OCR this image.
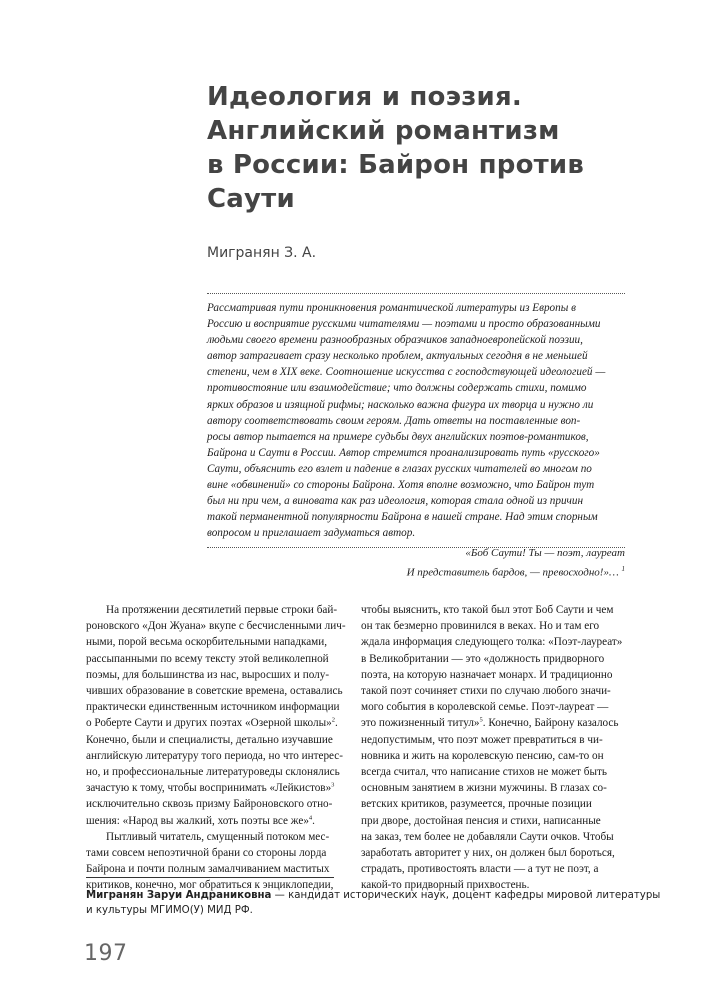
Идеология и поэзия.
Английский романтизм
в России: Байрон против
Саути
Мигранян З. А.
Рассматривая пути проникновения романтической литературы из Европы в
Россию и восприятие русскими читателями — поэтами и просто образованными
людьми своего времени разнообразных образчиков западноевропейской поэзии,
автор затрагивает сразу несколько проблем, актуальных сегодня в не меньшей
степени, чем в XIX веке. Соотношение искусства с господствующей идеологией —
противостояние или взаимодействие; что должны содержать стихи, помимо
ярких образов и изящной рифмы; насколько важна фигура их творца и нужно ли
автору соответствовать своим героям. Дать ответы на поставленные воп-
росы автор пытается на примере судьбы двух английских поэтов-романтиков,
Байрона и Саути в России. Автор стремится проанализировать путь «русского»
Саути, объяснить его взлет и падение в глазах русских читателей во многом по
вине «обвинений» со стороны Байрона. Хотя вполне возможно, что Байрон тут
был ни при чем, а виновата как раз идеология, которая стала одной из причин
такой перманентной популярности Байрона в нашей стране. Над этим спорным
вопросом и приглашает задуматься автор.
«Боб Саути! Ты — поэт, лауреат
И представитель бардов, — превосходно!»… $^1$
На протяжении десятилетий первые строки бай-
роновского «Дон Жуана» вкупе с бесчисленными лич-
ными, порой весьма оскорбительными нападками,
рассыпанными по всему тексту этой великолепной
поэмы, для большинства из нас, выросших и полу-
чивших образование в советские времена, оставались
практически единственным источником информации
о Роберте Саути и других поэтах «Озерной школы»$^2$.
Конечно, были и специалисты, детально изучавшие
английскую литературу того периода, но что интерес-
но, и профессиональные литературоведы склонялись
зачастую к тому, чтобы воспринимать «Лейкистов»$^3$
исключительно сквозь призму Байроновского отно-
шения: «Народ вы жалкий, хоть поэты все же»$^4$.
Пытливый читатель, смущенный потоком мес-
тами совсем непоэтичной брани со стороны лорда
Байрона и почти полным замалчиванием маститых
критиков, конечно, мог обратиться к энциклопедии,
чтобы выяснить, кто такой был этот Боб Саути и чем
он так безмерно провинился в веках. Но и там его
ждала информация следующего толка: «Поэт-лауреат»
в Великобритании — это «должность придворного
поэта, на которую назначает монарх. И традиционно
такой поэт сочиняет стихи по случаю любого значи-
мого события в королевской семье. Поэт-лауреат —
это пожизненный титул»$^5$. Конечно, Байрону казалось
недопустимым, что поэт может превратиться в чи-
новника и жить на королевскую пенсию, сам-то он
всегда считал, что написание стихов не может быть
основным занятием в жизни мужчины. В глазах со-
ветских критиков, разумеется, прочные позиции
при дворе, достойная пенсия и стихи, написанные
на заказ, тем более не добавляли Саути очков. Чтобы
заработать авторитет у них, он должен был бороться,
страдать, противостоять власти — а тут не поэт, а
какой-то придворный прихвостень.
Мигранян Заруи Андраниковна — кандидат исторических наук, доцент кафедры мировой литературы
и культуры МГИМО(У) МИД РФ.
197
